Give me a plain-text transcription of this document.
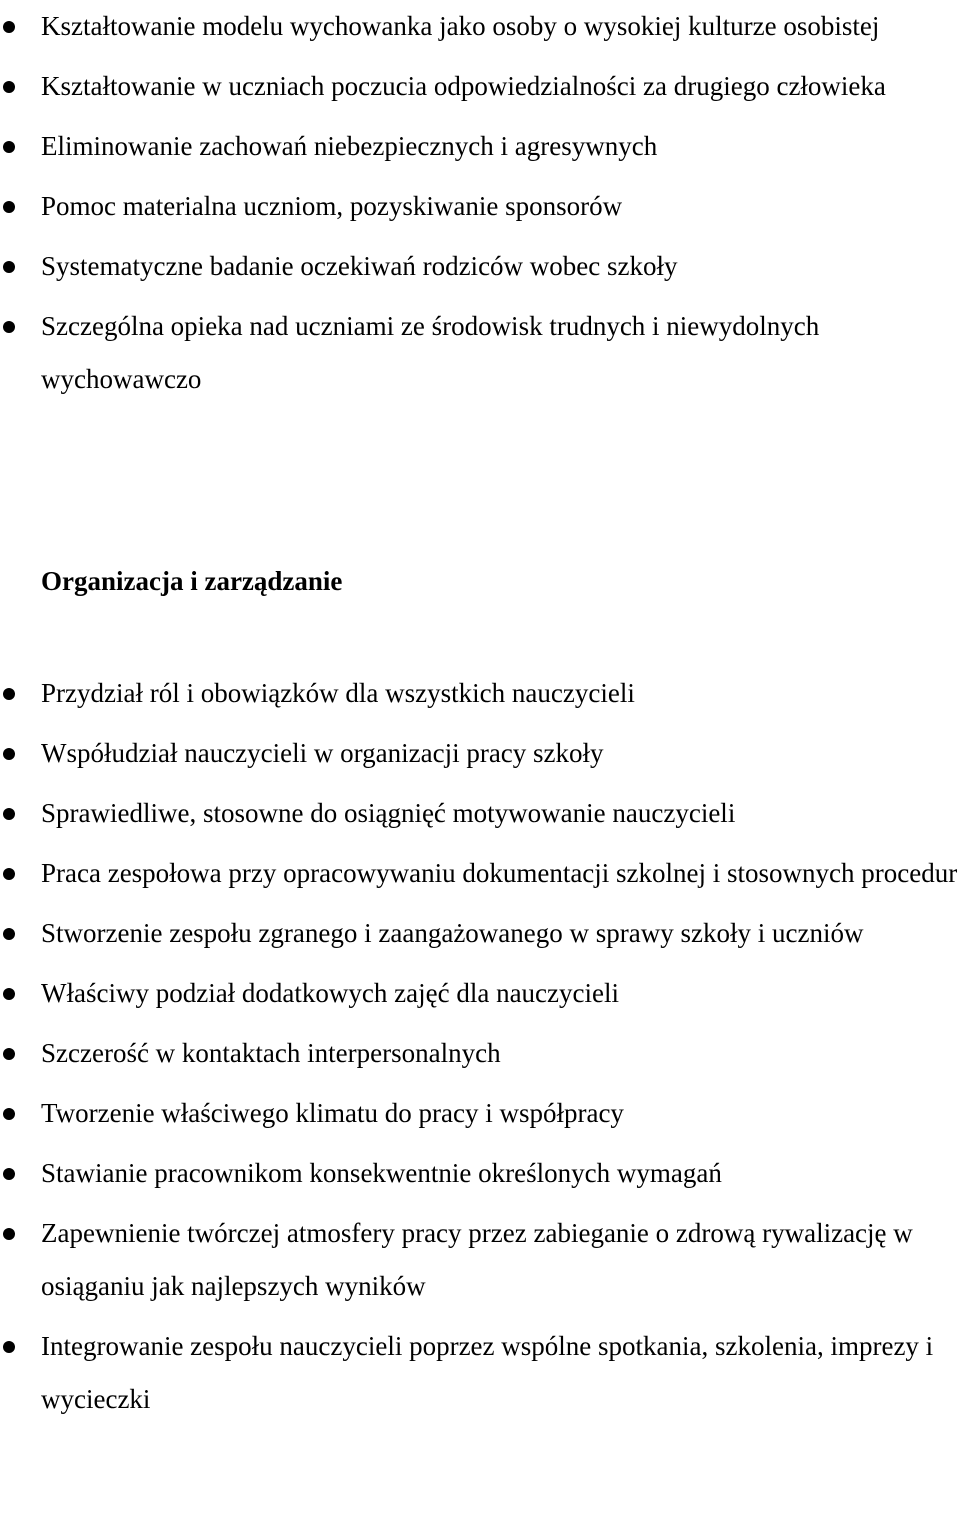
Kształtowanie modelu wychowanka jako osoby o wysokiej kulturze osobistej
Kształtowanie w uczniach poczucia odpowiedzialności za drugiego człowieka
Eliminowanie zachowań niebezpiecznych i agresywnych
Pomoc materialna uczniom, pozyskiwanie sponsorów
Systematyczne badanie oczekiwań rodziców wobec szkoły
Szczególna opieka nad uczniami ze środowisk trudnych i niewydolnych wychowawczo
Organizacja i zarządzanie
Przydział ról i obowiązków dla wszystkich nauczycieli
Współudział nauczycieli w organizacji pracy szkoły
Sprawiedliwe, stosowne do osiągnięć motywowanie nauczycieli
Praca zespołowa przy opracowywaniu dokumentacji szkolnej i stosownych procedur
Stworzenie zespołu zgranego i zaangażowanego w sprawy szkoły i uczniów
Właściwy podział dodatkowych zajęć dla nauczycieli
Szczerość w kontaktach interpersonalnych
Tworzenie właściwego klimatu do pracy i współpracy
Stawianie pracownikom konsekwentnie określonych wymagań
Zapewnienie twórczej atmosfery pracy przez zabieganie o zdrową rywalizację w osiąganiu jak najlepszych wyników
Integrowanie zespołu nauczycieli poprzez wspólne spotkania, szkolenia, imprezy i wycieczki
